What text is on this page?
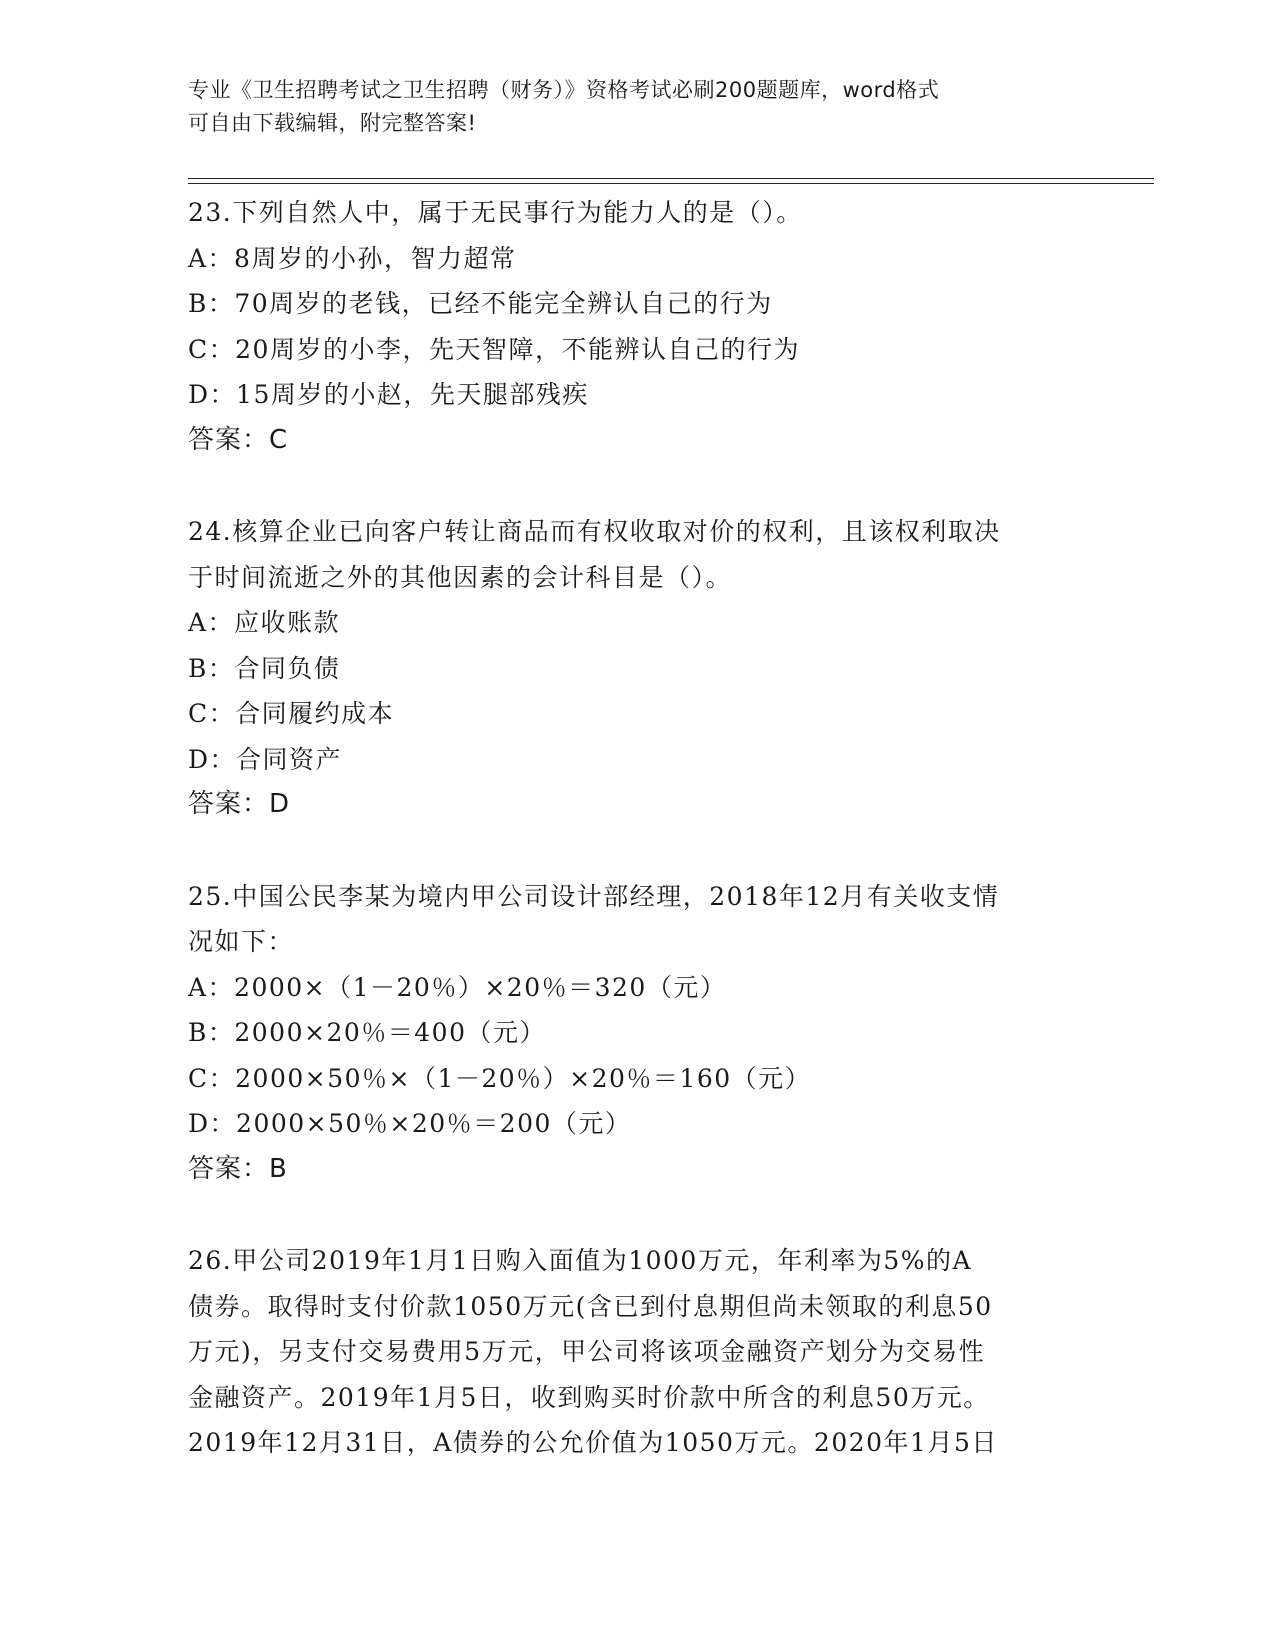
专业《卫生招聘考试之卫生招聘（财务）》资格考试必刷200题题库，word格式
可自由下载编辑，附完整答案!
23.下列自然人中，属于无民事行为能力人的是（）。
A：8周岁的小孙，智力超常
B：70周岁的老钱，已经不能完全辨认自己的行为
C：20周岁的小李，先天智障，不能辨认自己的行为
D：15周岁的小赵，先天腿部残疾
答案：C
24.核算企业已向客户转让商品而有权收取对价的权利，且该权利取决
于时间流逝之外的其他因素的会计科目是（）。
A：应收账款
B：合同负债
C：合同履约成本
D：合同资产
答案：D
25.中国公民李某为境内甲公司设计部经理，2018年12月有关收支情
况如下：
A：2000×（1－20％）×20％＝320（元）
B：2000×20％＝400（元）
C：2000×50％×（1－20％）×20％＝160（元）
D：2000×50％×20％＝200（元）
答案：B
26.甲公司2019年1月1日购入面值为1000万元，年利率为5%的A
债券。取得时支付价款1050万元(含已到付息期但尚未领取的利息50
万元)，另支付交易费用5万元，甲公司将该项金融资产划分为交易性
金融资产。2019年1月5日，收到购买时价款中所含的利息50万元。
2019年12月31日，A债券的公允价值为1050万元。2020年1月5日
